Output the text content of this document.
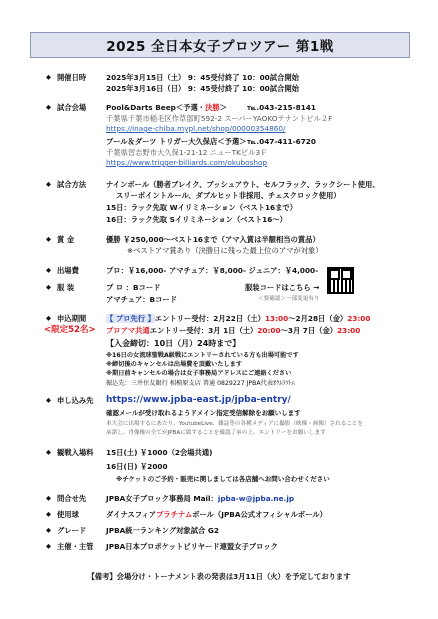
2025 全日本女子プロツアー 第1戦
◆ 開催日時	2025年3月15日（土） 9：45受付終了 10：00試合開始
2025年3月16日（日） 9：45受付終了 10：00試合開始
◆ 試合会場	Pool&Darts Beep＜予選・決勝＞	℡.043-215-8141
千葉県千葉市稲毛区作草部町592-2 スーパーYAOKOテナントビル２F
https://inage-chiba.mypl.net/shop/00000354860/
プール＆ダーツ トリガー大久保店＜予選＞ ℡.047-411-6720
千葉県習志野市大久保1-21-12 ニューTKビル3Ｆ
https://www.trigger-billiards.com/okuboshop
◆ 試合方法	ナインボール（勝者ブレイク、プッシュアウト、セルフラック、ラックシート使用、
スリーポイントルール、ダブルヒット非採用、チェスクロック使用）
15日：ラック先取 Wイリミネーション（ベスト16まで）
16日：ラック先取 Sイリミネーション（ベスト16～）
◆ 賞 金	優勝 ￥250,000～ベスト16まで（アマ入賞は半額相当の賞品）
※ベストアマ賞あり（決勝日に残った最上位のアマが対象）
◆ 出場費	プロ：￥16,000- アマチュア：￥8,000- ジュニア：￥4,000-
◆ 服 装	プ ロ ：Bコード	服装コードはこちら →
アマチュア：Bコード	＜要確認＞一部変更有り
◆ 申込期間	【 プロ先行 】エントリー受付：2月22日（土）13:00～2月28日（金）23:00
<限定52名> プロアマ共通エントリー受付：3月 1日（土）20:00～3月 7日（金）23:00
【入金締切：10日（月）24時まで】
※16日の女流球聖戦A級戦にエントリーされている方も出場可能です
※締切後のキャンセルは出場費を頂戴いたします
※期日前キャンセルの場合は女子事務局アドレスにご連絡ください
振込先：三井住友銀行 相模原支店 普通 0829227 JPBA代表ｵｸﾑﾗﾂﾄﾑ
◆ 申し込み先 https://www.jpba-east.jp/jpba-entry/
確認メールが受け取れるようドメイン指定受信解除をお願いします
本大会に出場するにあたり、YoutubeLive、雑誌等の各種メディアに撮影（映像・画像）されることを
承諾し、肖像権の全てがJPBAに属することを確認了承の上、エントリーをお願いします
◆ 観戦入場料 15日(土) ￥1000（2会場共通)
16日(日) ￥2000
※チケットのご予約・販売に関しましては各店舗へお問い合わせください
◆ 問合せ先	JPBA女子ブロック事務局 Mail：jpba-w@jpba.ne.jp
◆ 使用球	ダイナスフィアプラチナムボール（JPBA公式オフィシャルボール）
◆ グレード	JPBA統一ランキング対象試合 G2
◆ 主催・主管 JPBA日本プロポケットビリヤード連盟女子ブロック
【備考】会場分け・トーナメント表の発表は3月11日（火）を予定しております
